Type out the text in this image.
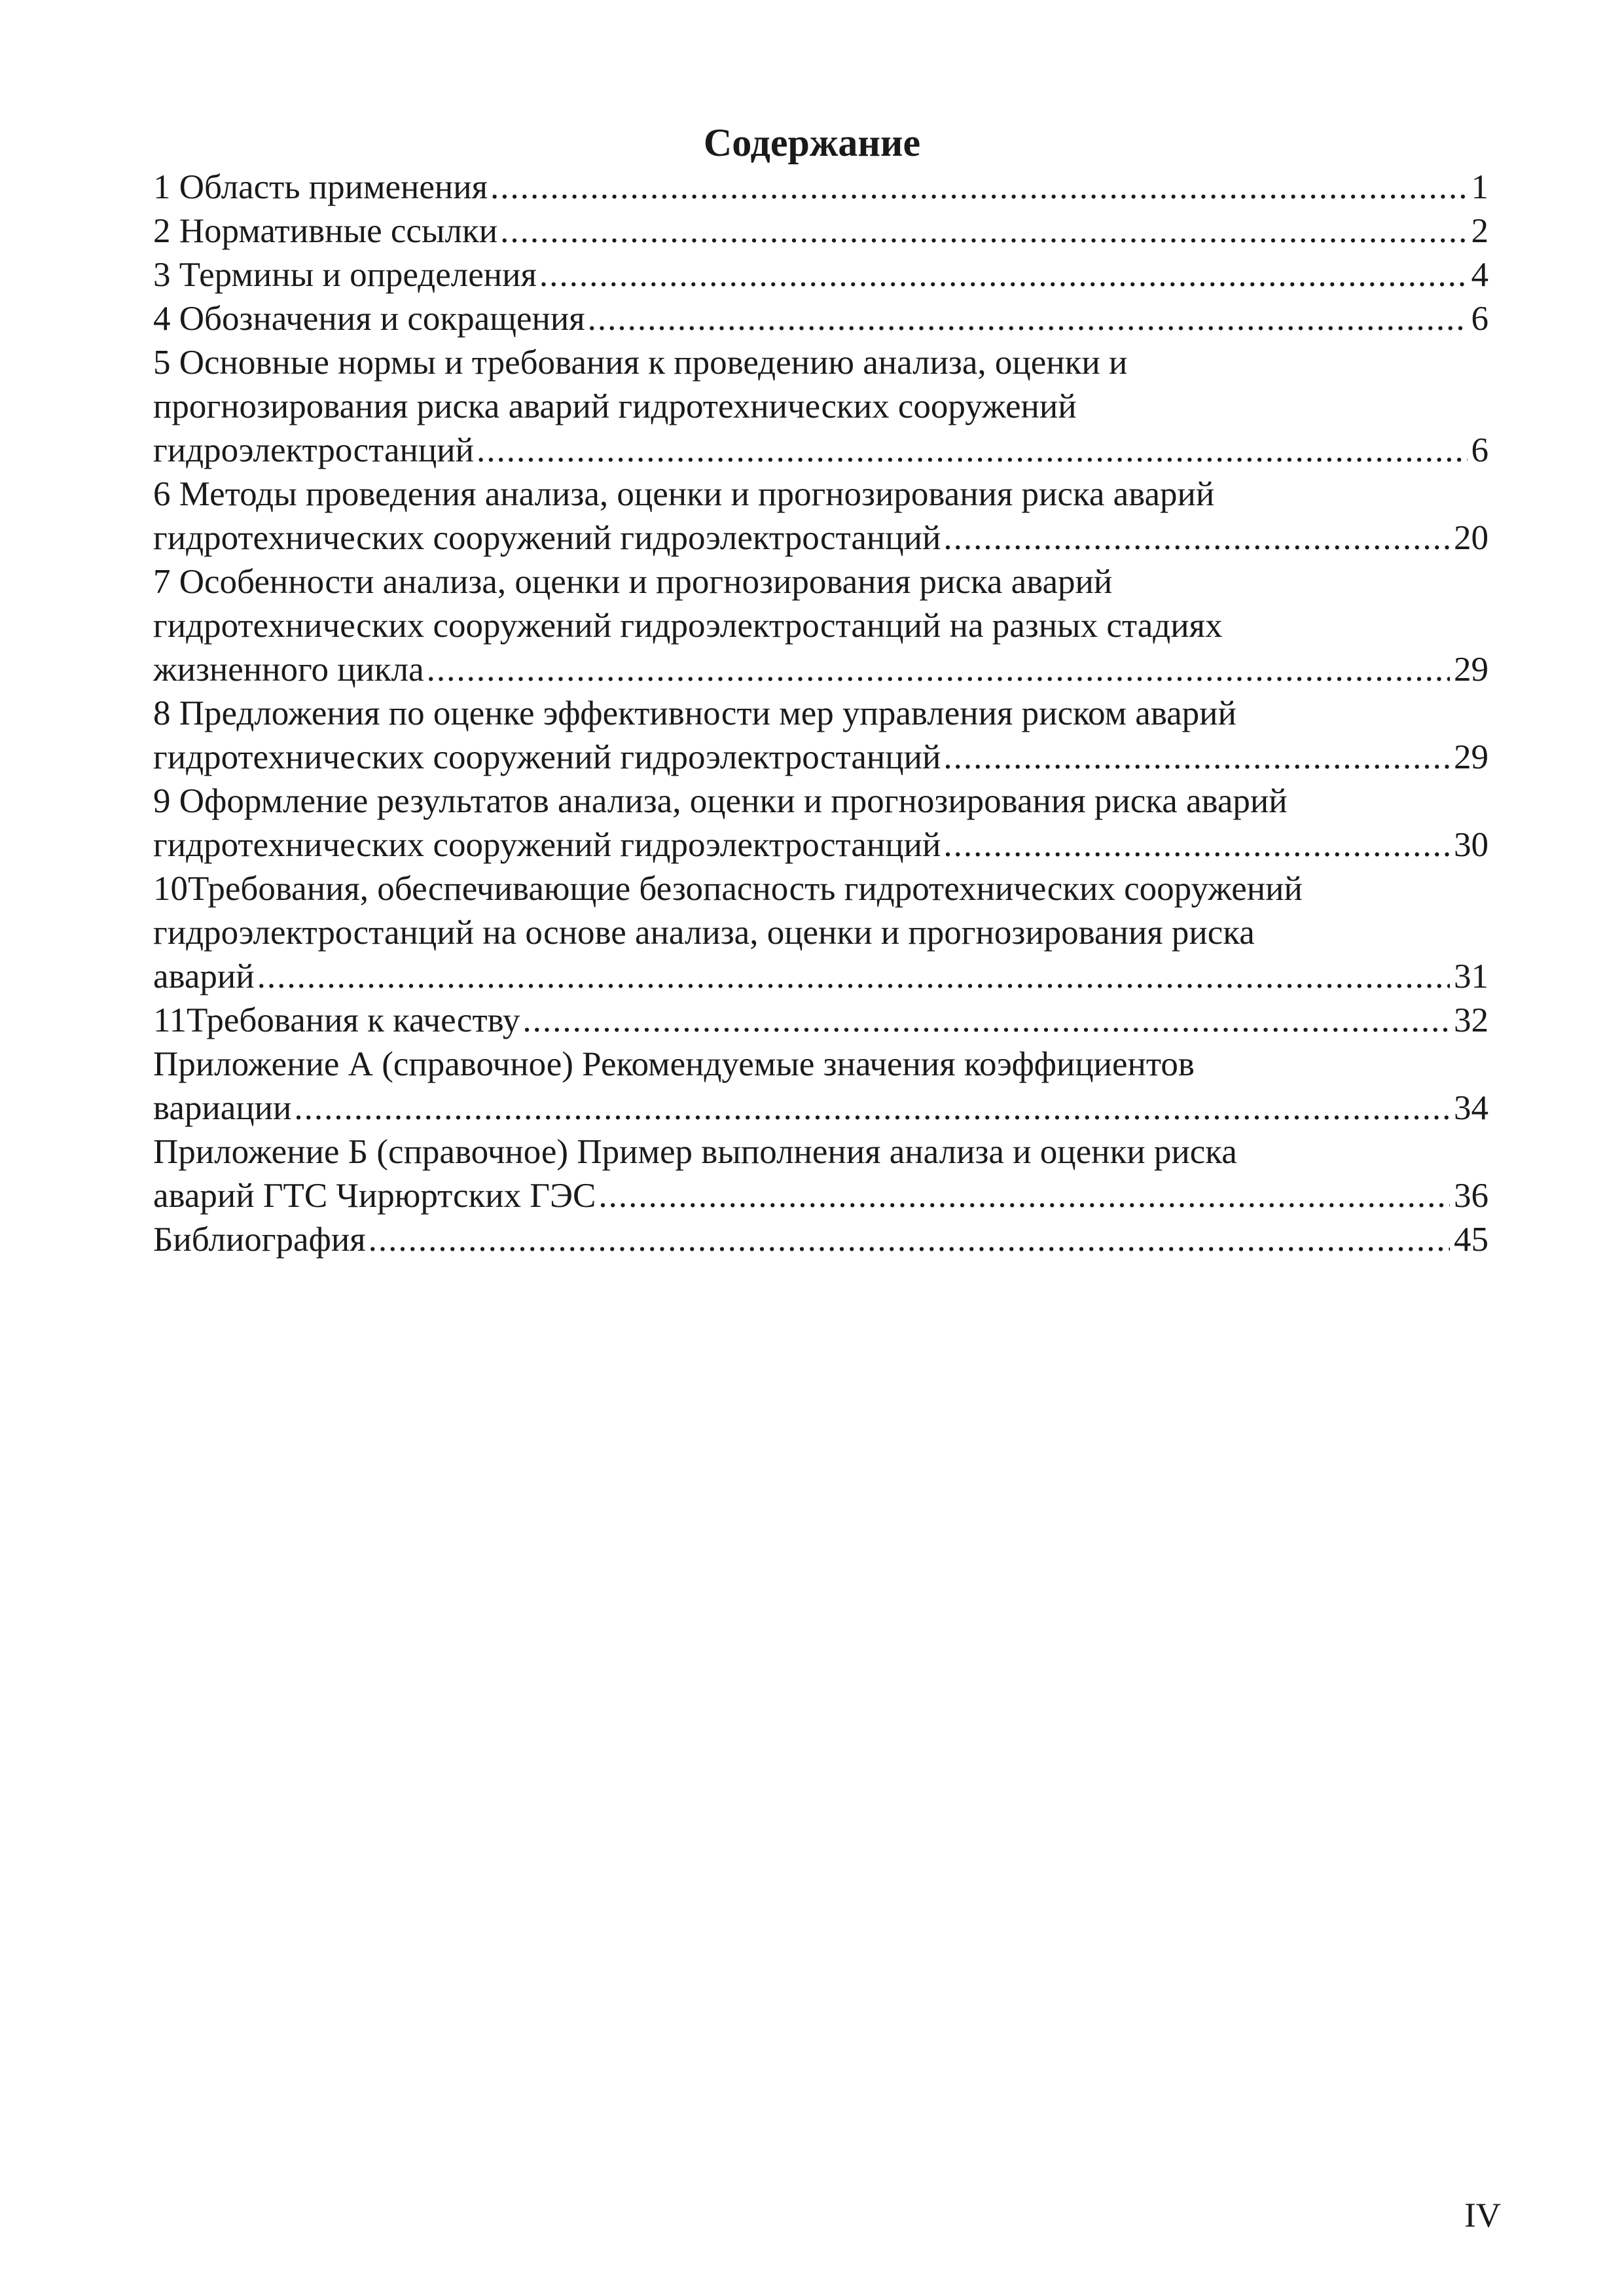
Содержание
1 Область применения .....	1
2 Нормативные ссылки .....	2
3 Термины и определения .....	4
4 Обозначения и сокращения .....	6
5 Основные нормы и требования к проведению анализа, оценки и
прогнозирования риска аварий гидротехнических сооружений
гидроэлектростанций .....	6
6 Методы проведения анализа, оценки и прогнозирования риска аварий
гидротехнических сооружений гидроэлектростанций .....	20
7 Особенности анализа, оценки и прогнозирования риска аварий
гидротехнических сооружений гидроэлектростанций на разных стадиях
жизненного цикла .....	29
8 Предложения по оценке эффективности мер управления риском аварий
гидротехнических сооружений гидроэлектростанций .....	29
9 Оформление результатов анализа, оценки и прогнозирования риска аварий
гидротехнических сооружений гидроэлектростанций .....	30
10Требования, обеспечивающие безопасность гидротехнических сооружений
гидроэлектростанций на основе анализа, оценки и прогнозирования риска
аварий .....	31
11Требования к качеству .....	32
Приложение А (справочное) Рекомендуемые значения коэффициентов
вариации .....	34
Приложение Б (справочное) Пример выполнения анализа и оценки риска
аварий ГТС Чирюртских ГЭС .....	36
Библиография .....	45
IV
